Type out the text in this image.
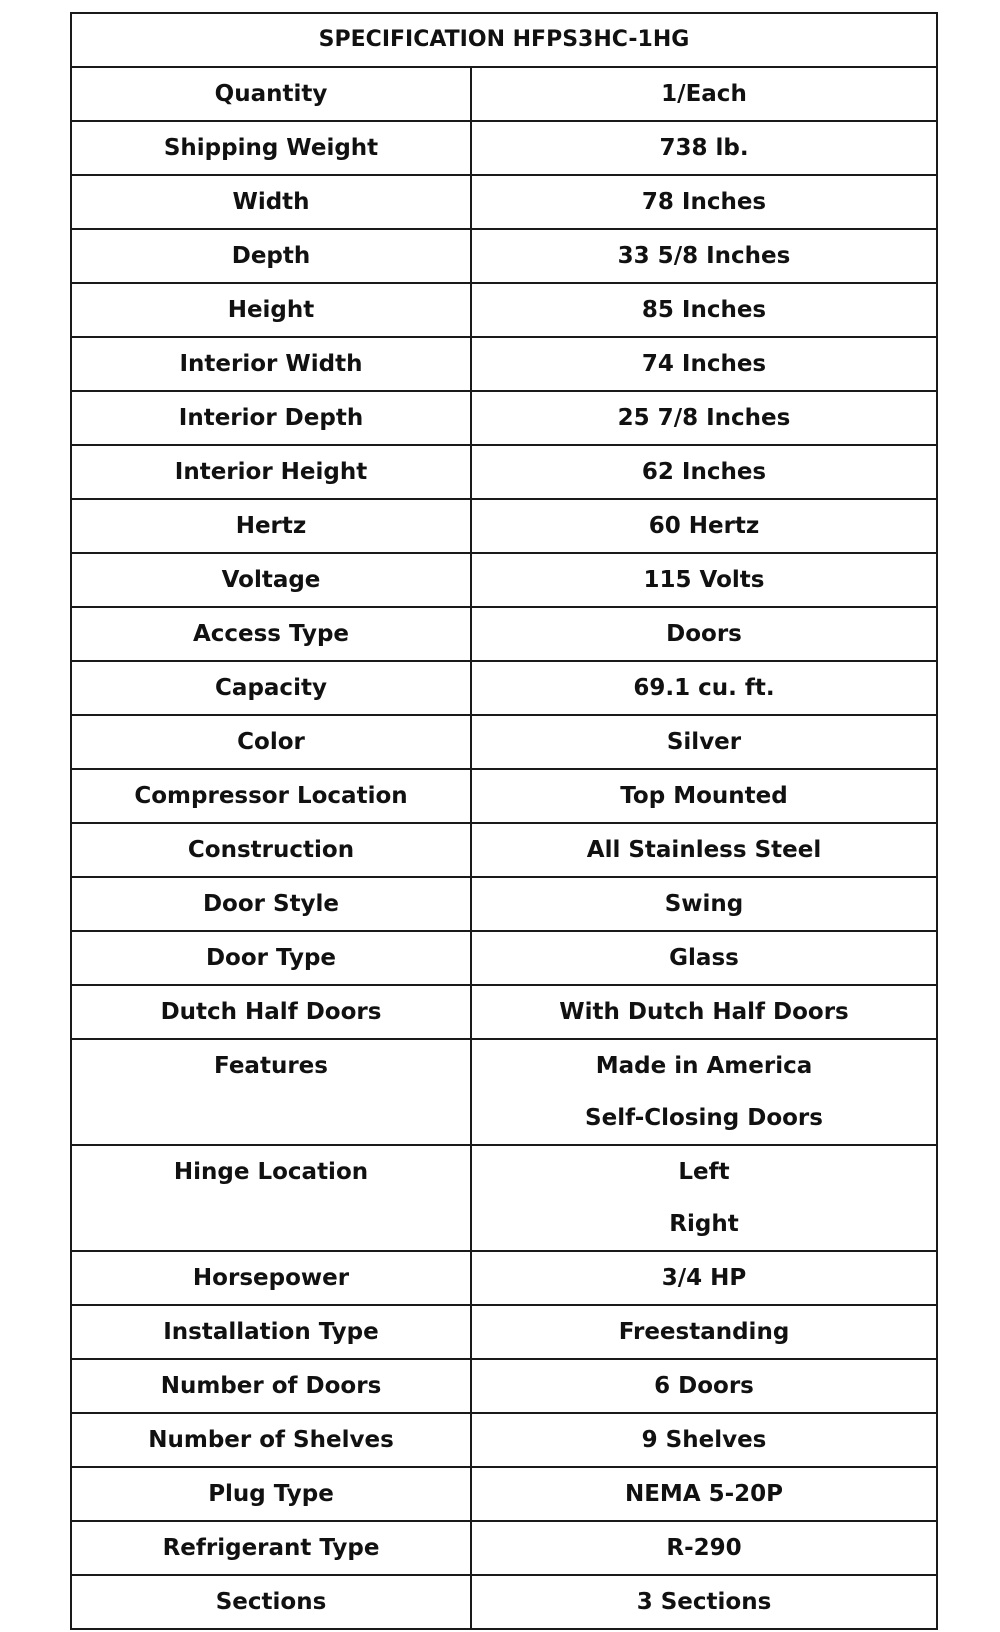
SPECIFICATION HFPS3HC-1HG	

Quantity	1/Each

Shipping Weight	738 lb.

Width	78 Inches

Depth	33 5/8 Inches

Height	85 Inches

Interior Width	74 Inches

Interior Depth	25 7/8 Inches

Interior Height	62 Inches

Hertz	60 Hertz

Voltage	115 Volts

Access Type	Doors

Capacity	69.1 cu. ft.

Color	Silver

Compressor Location	Top Mounted

Construction	All Stainless Steel

Door Style	Swing

Door Type	Glass

Dutch Half Doors	With Dutch Half Doors

Features	Made in America
Self-Closing Doors

Hinge Location	Left
Right

Horsepower	3/4 HP

Installation Type	Freestanding

Number of Doors	6 Doors

Number of Shelves	9 Shelves

Plug Type	NEMA 5-20P

Refrigerant Type	R-290

Sections	3 Sections
